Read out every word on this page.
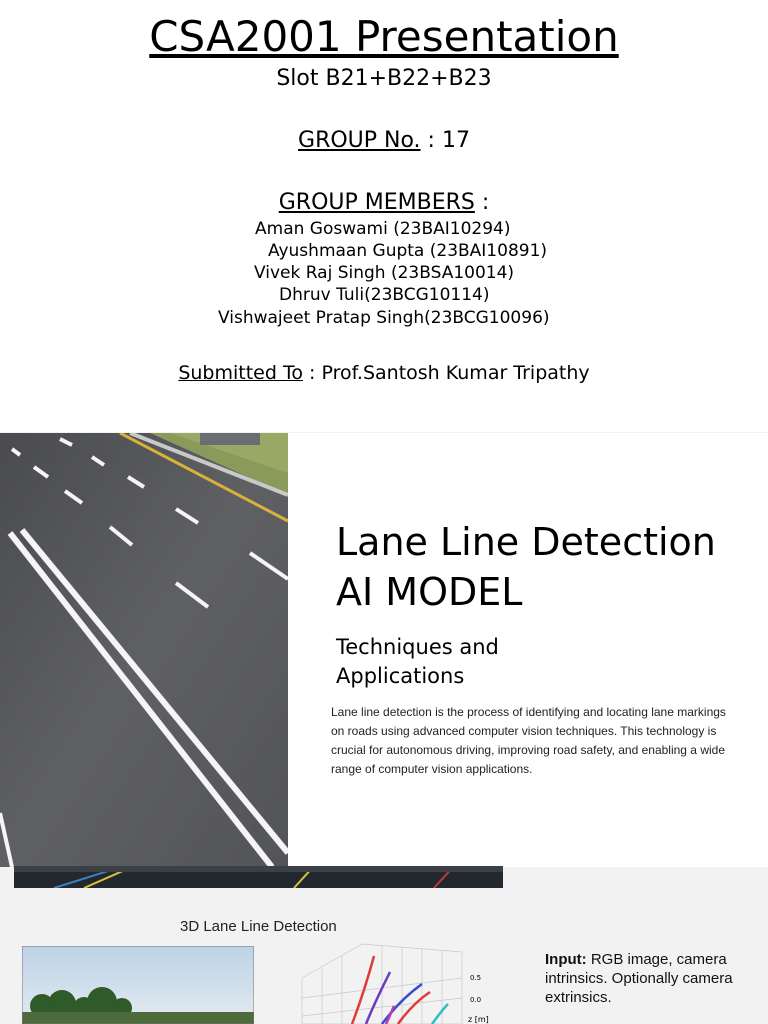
CSA2001 Presentation
Slot B21+B22+B23
GROUP No. : 17
GROUP MEMBERS :
Aman Goswami (23BAI10294)
Ayushmaan Gupta (23BAI10891)
Vivek Raj Singh (23BSA10014)
Dhruv Tuli(23BCG10114)
Vishwajeet Pratap Singh(23BCG10096)
Submitted To : Prof.Santosh Kumar Tripathy
Lane Line Detection
AI MODEL
Techniques and Applications
Lane line detection is the process of identifying and locating lane markings on roads using advanced computer vision techniques. This technology is crucial for autonomous driving, improving road safety, and enabling a wide range of computer vision applications.
3D Lane Line Detection
0.5
0.0
z [m]
Input: RGB image, camera intrinsics. Optionally camera extrinsics.
